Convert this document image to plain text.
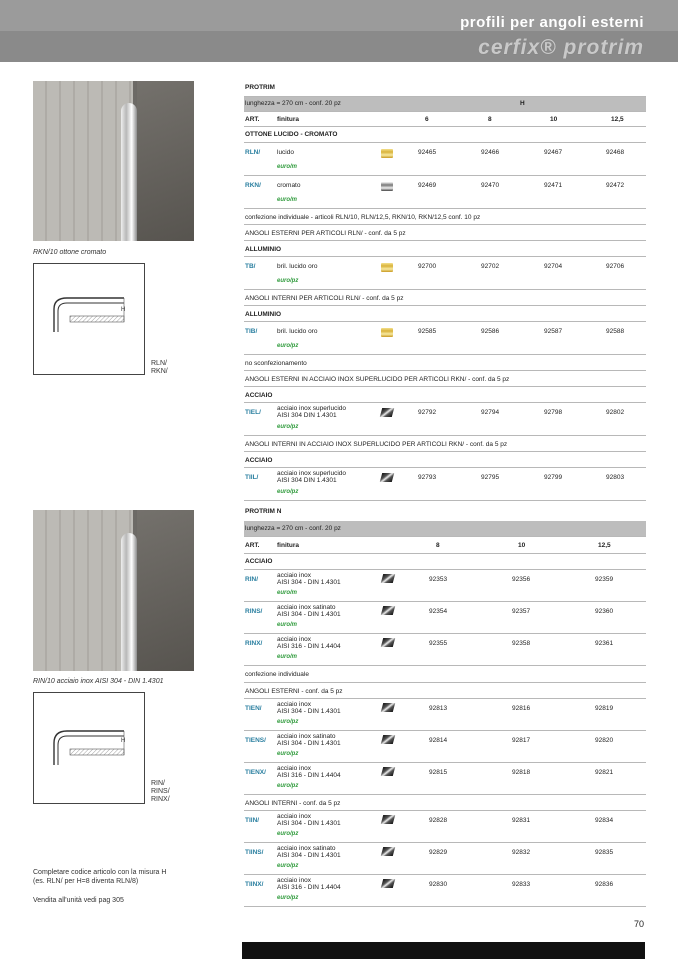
profili per angoli esterni
cerfix® protrim
RKN/10 ottone cromato
H
RLN/
RKN/
RIN/10 acciaio inox AISI 304 - DIN 1.4301
H
RIN/
RINS/
RINX/
Completare codice articolo con la misura H
(es. RLN/ per H=8 diventa RLN/8)
Vendita all'unità vedi pag 305
PROTRIM
lunghezza = 270 cm - conf. 20 pz	H
ART.	finitura	6	8	10	12,5
OTTONE LUCIDO - CROMATO
RLN/	lucido	92465	92466	92467	92468
euro/m
RKN/ cromato	92469	92470	92471	92472
euro/m
confezione individuale - articoli RLN/10, RLN/12,5, RKN/10, RKN/12,5 conf. 10 pz
ANGOLI ESTERNI PER ARTICOLI RLN/ - conf. da 5 pz
ALLUMINIO
TB/	bril. lucido oro	92700	92702	92704	92706
euro/pz
ANGOLI INTERNI PER ARTICOLI RLN/ - conf. da 5 pz
ALLUMINIO
TIB/	bril. lucido oro	92585	92586	92587	92588
euro/pz
no sconfezionamento
ANGOLI ESTERNI IN ACCIAIO INOX SUPERLUCIDO PER ARTICOLI RKN/ - conf. da 5 pz
ACCIAIO
TIEL/
acciaio inox superlucido
AISI 304 DIN 1.4301	92792	92794	92798	92802
euro/pz
ANGOLI INTERNI IN ACCIAIO INOX SUPERLUCIDO PER ARTICOLI RKN/ - conf. da 5 pz
ACCIAIO
TIIL/
acciaio inox superlucido
AISI 304 DIN 1.4301	92793	92795	92799	92803
euro/pz
PROTRIM N
lunghezza = 270 cm - conf. 20 pz
ART.	finitura	8	10	12,5
ACCIAIO
RIN/
acciaio inox
AISI 304 - DIN 1.4301	92353	92356	92359
euro/m
RINS/
acciaio inox satinato
AISI 304 - DIN 1.4301	92354	92357	92360
euro/m
RINX/
acciaio inox
AISI 316 - DIN 1.4404	92355	92358	92361
euro/m
confezione individuale
ANGOLI ESTERNI - conf. da 5 pz
TIEN/
acciaio inox
AISI 304 - DIN 1.4301	92813	92816	92819
euro/pz
TIENS/
acciaio inox satinato
AISI 304 - DIN 1.4301	92814	92817	92820
euro/pz
TIENX/
acciaio inox
AISI 316 - DIN 1.4404	92815	92818	92821
euro/pz
ANGOLI INTERNI - conf. da 5 pz
TIIN/
acciaio inox
AISI 304 - DIN 1.4301	92828	92831	92834
euro/pz
TIINS/
acciaio inox satinato
AISI 304 - DIN 1.4301	92829	92832	92835
euro/pz
TIINX/
acciaio inox
AISI 316 - DIN 1.4404	92830	92833	92836
euro/pz
70
